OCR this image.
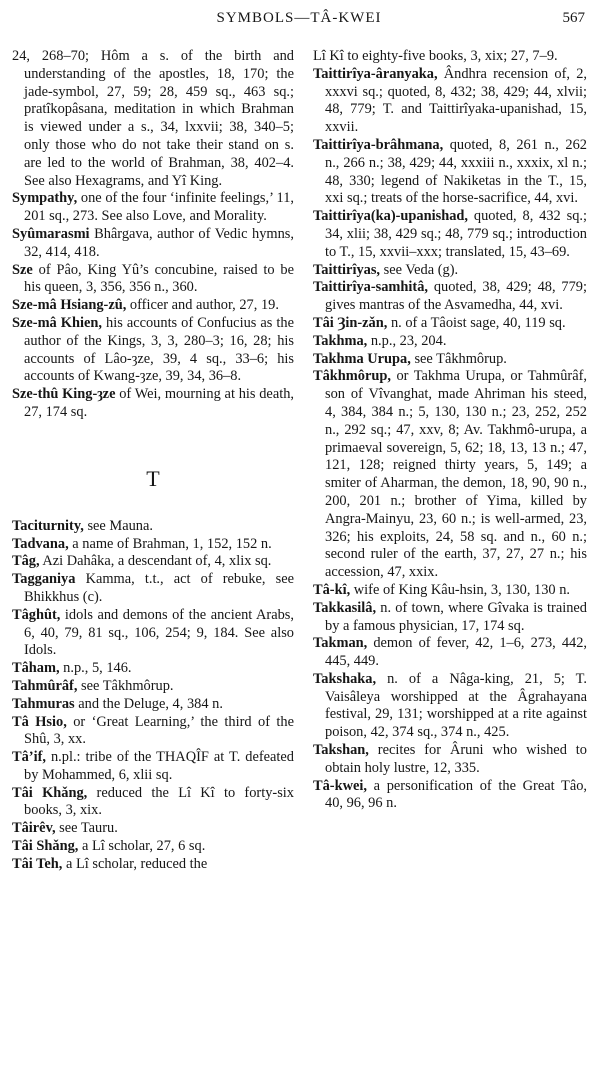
SYMBOLS—TÂ-KWEI	567

24, 268–70; Hôm a s. of the birth and understanding of the apostles, 18, 170; the jade-symbol, 27, 59; 28, 459 sq., 463 sq.; pratîkopâsana, meditation in which Brahman is viewed under a s., 34, lxxvii; 38, 340–5; only those who do not take their stand on s. are led to the world of Brahman, 38, 402–4. See also Hexagrams, and Yî King.

Sympathy, one of the four ‘infinite feelings,’ 11, 201 sq., 273. See also Love, and Morality.

Syûmarasmi Bhârgava, author of Vedic hymns, 32, 414, 418.

Sze of Pâo, King Yû’s concubine, raised to be his queen, 3, 356, 356 n., 360.

Sze-mâ Hsiang-zû, officer and author, 27, 19.

Sze-mâ Khien, his accounts of Confucius as the author of the Kings, 3, 3, 280–3; 16, 28; his accounts of Lâo-ȝze, 39, 4 sq., 33–6; his accounts of Kwang-ȝze, 39, 34, 36–8.

Sze-thû King-ȝze of Wei, mourning at his death, 27, 174 sq.

T

Taciturnity, see Mauna.

Tadvana, a name of Brahman, 1, 152, 152 n.

Tâg, Azi Dahâka, a descendant of, 4, xlix sq.

Tagganiya Kamma, t.t., act of rebuke, see Bhikkhus (c).

Tâghût, idols and demons of the ancient Arabs, 6, 40, 79, 81 sq., 106, 254; 9, 184. See also Idols.

Tâham, n.p., 5, 146.

Tahmûrâf, see Tâkhmôrup.

Tahmuras and the Deluge, 4, 384 n.

Tâ Hsio, or ‘Great Learning,’ the third of the Shû, 3, xx.

Tâ’if, n.pl.: tribe of the THAQÎF at T. defeated by Mohammed, 6, xlii sq.

Tâi Khǎng, reduced the Lî Kî to forty-six books, 3, xix.

Tâirêv, see Tauru.

Tâi Shǎng, a Lî scholar, 27, 6 sq.

Tâi Teh, a Lî scholar, reduced the

Lî Kî to eighty-five books, 3, xix; 27, 7–9.

Taittirîya-âranyaka, Ândhra recension of, 2, xxxvi sq.; quoted, 8, 432; 38, 429; 44, xlvii; 48, 779; T. and Taittirîyaka-upanishad, 15, xxvii.

Taittirîya-brâhmana, quoted, 8, 261 n., 262 n., 266 n.; 38, 429; 44, xxxiii n., xxxix, xl n.; 48, 330; legend of Nakiketas in the T., 15, xxi sq.; treats of the horse-sacrifice, 44, xvi.

Taittirîya(ka)-upanishad, quoted, 8, 432 sq.; 34, xlii; 38, 429 sq.; 48, 779 sq.; introduction to T., 15, xxvii–xxx; translated, 15, 43–69.

Taittirîyas, see Veda (g).

Taittirîya-samhitâ, quoted, 38, 429; 48, 779; gives mantras of the Asvamedha, 44, xvi.

Tâi Ȝin-zǎn, n. of a Tâoist sage, 40, 119 sq.

Takhma, n.p., 23, 204.

Takhma Urupa, see Tâkhmôrup.

Tâkhmôrup, or Takhma Urupa, or Tahmûrâf, son of Vîvanghat, made Ahriman his steed, 4, 384, 384 n.; 5, 130, 130 n.; 23, 252, 252 n., 292 sq.; 47, xxv, 8; Av. Takhmô-urupa, a primaeval sovereign, 5, 62; 18, 13, 13 n.; 47, 121, 128; reigned thirty years, 5, 149; a smiter of Aharman, the demon, 18, 90, 90 n., 200, 201 n.; brother of Yima, killed by Angra-Mainyu, 23, 60 n.; is well-armed, 23, 326; his exploits, 24, 58 sq. and n., 60 n.; second ruler of the earth, 37, 27, 27 n.; his accession, 47, xxix.

Tâ-kî, wife of King Kâu-hsin, 3, 130, 130 n.

Takkasilâ, n. of town, where Gîvaka is trained by a famous physician, 17, 174 sq.

Takman, demon of fever, 42, 1–6, 273, 442, 445, 449.

Takshaka, n. of a Nâga-king, 21, 5; T. Vaisâleya worshipped at the Âgrahayana festival, 29, 131; worshipped at a rite against poison, 42, 374 sq., 374 n., 425.

Takshan, recites for Âruni who wished to obtain holy lustre, 12, 335.

Tâ-kwei, a personification of the Great Tâo, 40, 96, 96 n.
